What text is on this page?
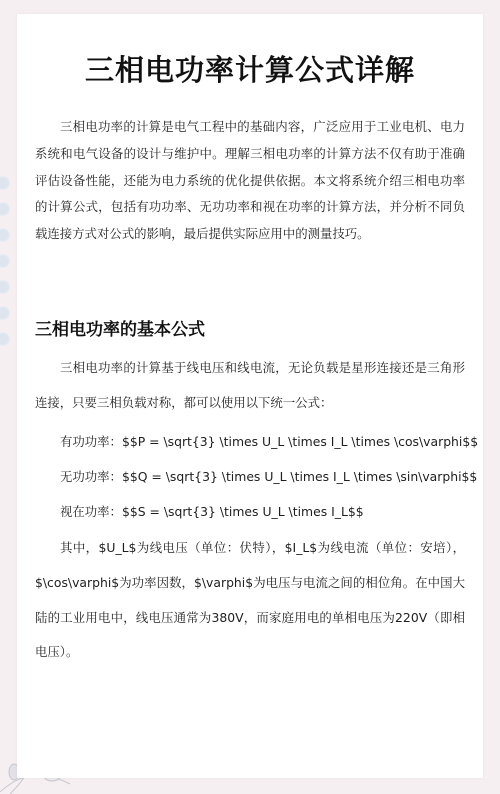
三相电功率计算公式详解

三相电功率的计算是电气工程中的基础内容，广泛应用于工业电机、电力系统和电气设备的设计与维护中。理解三相电功率的计算方法不仅有助于准确评估设备性能，还能为电力系统的优化提供依据。本文将系统介绍三相电功率的计算公式，包括有功功率、无功功率和视在功率的计算方法，并分析不同负载连接方式对公式的影响，最后提供实际应用中的测量技巧。

三相电功率的基本公式

三相电功率的计算基于线电压和线电流，无论负载是星形连接还是三角形连接，只要三相负载对称，都可以使用以下统一公式：

有功功率：$$P = \sqrt{3} \times U_L \times I_L \times \cos\varphi$$

无功功率：$$Q = \sqrt{3} \times U_L \times I_L \times \sin\varphi$$

视在功率：$$S = \sqrt{3} \times U_L \times I_L$$

其中，$U_L$为线电压（单位：伏特），$I_L$为线电流（单位：安培），$\cos\varphi$为功率因数，$\varphi$为电压与电流之间的相位角。在中国大陆的工业用电中，线电压通常为380V，而家庭用电的单相电压为220V（即相电压）。
